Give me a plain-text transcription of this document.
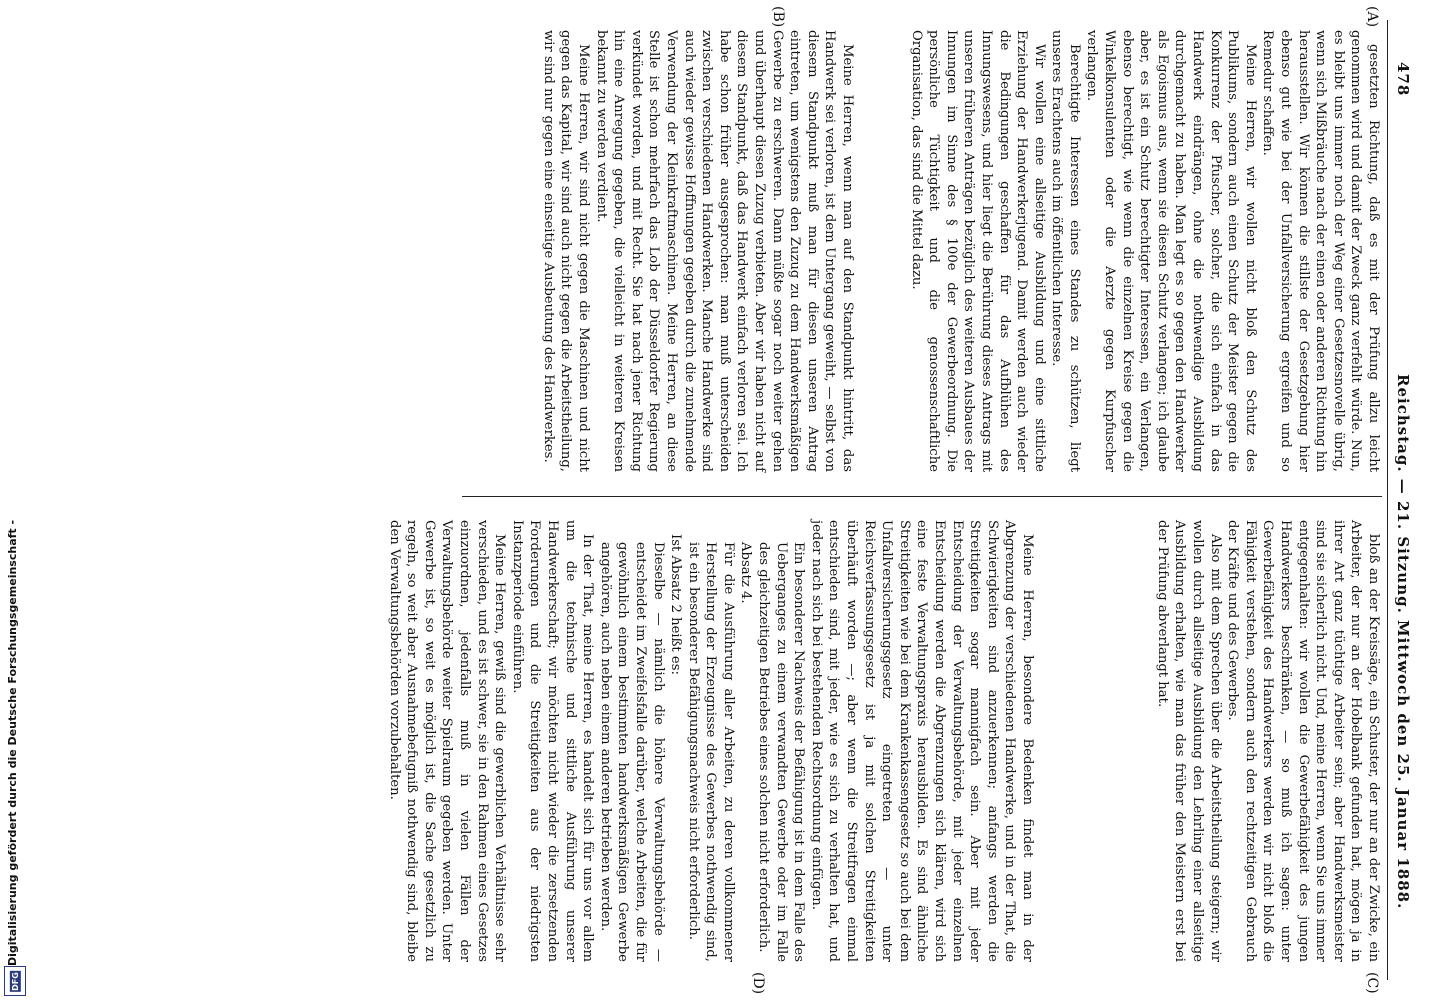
Digitalisierung gefördert durch die Deutsche Forschungsgemeinschaft -
DFG
478
Reichstag. — 21. Sitzung. Mittwoch den 25. Januar 1888.
(A)
(B)
(C)
(D)

gesetzten Richtung, daß es mit der Prüfung allzu leicht genommen wird und damit der Zweck ganz verfehlt würde. Nun, es bleibt uns immer noch der Weg einer Gesetzesnovelle übrig, wenn sich Mißbräuche nach der einen oder anderen Richtung hin herausstellen. Wir können die stillste der Gesetzgebung hier ebenso gut wie bei der Unfallversicherung ergreifen und so Remedur schaffen.

Meine Herren, wir wollen nicht bloß den Schutz des Publikums, sondern auch einen Schutz der Meister gegen die Konkurrenz der Pfuscher, solcher, die sich einfach in das Handwerk eindrängen, ohne die nothwendige Ausbildung durchgemacht zu haben. Man legt es so gegen den Handwerker als Egoismus aus, wenn sie diesen Schutz verlangen; ich glaube aber, es ist ein Schutz berechtigter Interessen, ein Verlangen, ebenso berechtigt, wie wenn die einzelnen Kreise gegen die Winkelkonsulenten oder die Aerzte gegen Kurpfuscher verlangen.

Berechtigte Interessen eines Standes zu schützen, liegt unseres Erachtens auch im öffentlichen Interesse.

Wir wollen eine allseitige Ausbildung und eine sittliche Erziehung der Handwerkerjugend. Damit werden auch wieder die Bedingungen geschaffen für das Aufblühen des Innungswesens, und hier liegt die Berührung dieses Antrags mit unseren früheren Anträgen bezüglich des weiteren Ausbaues der Innungen im Sinne des § 100e der Gewerbeordnung. Die persönliche Tüchtigkeit und die genossenschaftliche Organisation, das sind die Mittel dazu.

Meine Herren, wenn man auf den Standpunkt hintritt, das Handwerk sei verloren, ist dem Untergang geweiht, — selbst von diesem Standpunkt muß man für diesen unseren Antrag eintreten, um wenigstens den Zuzug zu dem Handwerksmäßigen Gewerbe zu erschweren. Dann müßte sogar noch weiter gehen und überhaupt diesen Zuzug verbieten. Aber wir haben nicht auf diesem Standpunkt, daß das Handwerk einfach verloren sei. Ich habe schon früher ausgesprochen: man muß unterscheiden zwischen verschiedenen Handwerken. Manche Handwerke sind auch wieder gewisse Hoffnungen gegeben durch die zunehmende Verwendung der Kleinkraftmaschinen. Meine Herren, an diese Stelle ist schon mehrfach das Lob der Düsseldorfer Regierung verkündet worden, und mit Recht. Sie hat nach jener Richtung hin eine Anregung gegeben, die vielleicht in weiteren Kreisen bekannt zu werden verdient.

Meine Herren, wir sind nicht gegen die Maschinen und nicht gegen das Kapital, wir sind auch nicht gegen die Arbeitstheilung, wir sind nur gegen eine einseitige Ausbeutung des Handwerkes.

bloß an der Kreissäge, ein Schuster, der nur an der Zwicke, ein Arbeiter, der nur an der Hobelbank gefunden hat, mögen ja in ihrer Art ganz tüchtige Arbeiter sein; aber Handwerksmeister sind sie sicherlich nicht. Und, meine Herren, wenn Sie uns immer entgegenhalten: wir wollen die Gewerbefähigkeit des jungen Handwerkers beschränken, — so muß ich sagen: unter Gewerbefähigkeit des Handwerkers werden wir nicht bloß die Fähigkeit verstehen, sondern auch den rechtzeitigen Gebrauch der Kräfte und des Gewerbes.

Also mit dem Sprechen über die Arbeitstheilung steigern; wir wollen durch allseitige Ausbildung den Lehrling einer allseitige Ausbildung erhalten, wie man das früher den Meistern erst bei der Prüfung abverlangt hat.

Meine Herren, besondere Bedenken findet man in der Abgrenzung der verschiedenen Handwerke, und in der That, die Schwierigkeiten sind anzuerkennen; anfangs werden die Streitigkeiten sogar mannigfach sein. Aber mit jeder Entscheidung der Verwaltungsbehörde, mit jeder einzelnen Entscheidung werden die Abgrenzungen sich klären, wird sich eine feste Verwaltungspraxis herausbilden. Es sind ähnliche Streitigkeiten wie bei dem Krankenkassengesetz so auch bei dem Unfallversicherungsgesetz eingetreten — unter Reichsverfassungsgesetz ist ja mit solchen Streitigkeiten überhäuft worden —; aber wenn die Streitfragen einmal entschieden sind, mit jeder, wie es sich zu verhalten hat, und jeder nach sich bei bestehenden Rechtsordnung einfügen.

Ein besonderer Nachweis der Befähigung ist in dem Falle des Ueberganges zu einem verwandten Gewerbe oder im Falle des gleichzeitigen Betriebes eines solchen nicht erforderlich.

Absatz 4.

Für die Ausführung aller Arbeiten, zu deren vollkommener Herstellung der Erzeugnisse des Gewerbes nothwendig sind, ist ein besonderer Befähigungsnachweis nicht erforderlich.

Ist Absatz 2 heißt es:

Dieselbe — nämlich die höhere Verwaltungsbehörde — entscheidet im Zweifelsfalle darüber, welche Arbeiten, die für gewöhnlich einem bestimmten handwerksmäßigen Gewerbe angehören, auch neben einem anderen betrieben werden.

In der That, meine Herren, es handelt sich für uns vor allem um die technische und sittliche Ausführung unserer Handwerkerschaft; wir möchten nicht wieder die zersetzenden Forderungen und die Streitigkeiten aus der niedrigsten Instanzperiode einführen.

Meine Herren, gewiß sind die gewerblichen Verhältnisse sehr verschieden, und es ist schwer, sie in den Rahmen eines Gesetzes einzuordnen, jedenfalls muß in vielen Fällen der Verwaltungsbehörde weiter Spielraum gegeben werden. Unter Gewerbe ist, so weit es möglich ist, die Sache gesetzlich zu regeln, so weit aber Ausnahmebefugniß nothwendig sind, bleibe den Verwaltungsbehörden vorzubehalten.
